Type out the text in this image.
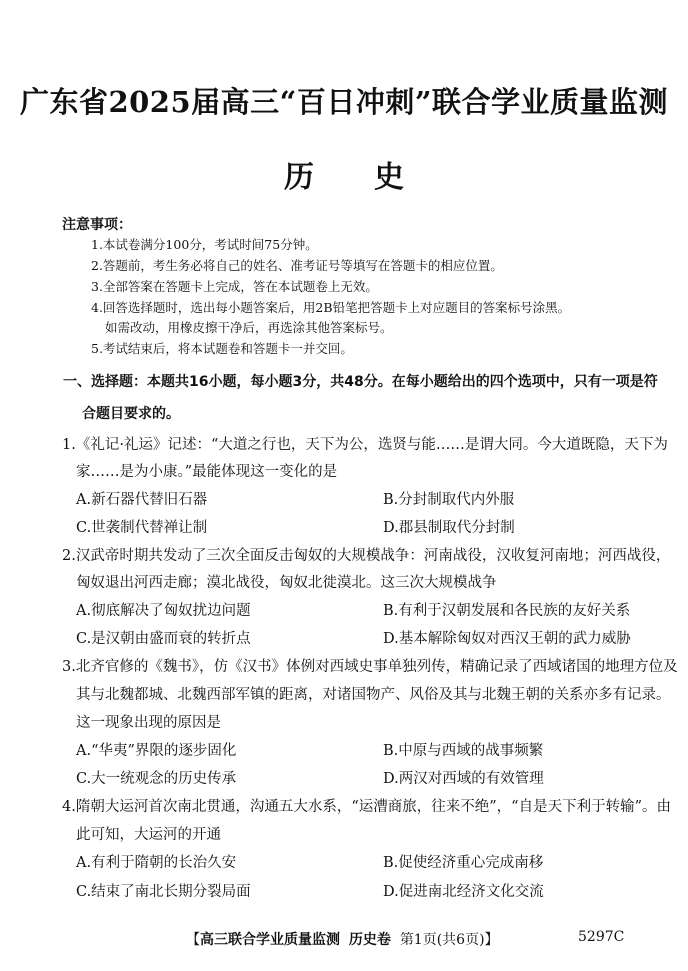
广东省2025届高三“百日冲刺”联合学业质量监测
历史
注意事项：
1.本试卷满分100分，考试时间75分钟。
2.答题前，考生务必将自己的姓名、准考证号等填写在答题卡的相应位置。
3.全部答案在答题卡上完成，答在本试题卷上无效。
4.回答选择题时，选出每小题答案后，用2B铅笔把答题卡上对应题目的答案标号涂黑。
如需改动，用橡皮擦干净后，再选涂其他答案标号。
5.考试结束后，将本试题卷和答题卡一并交回。
一、选择题：本题共16小题，每小题3分，共48分。在每小题给出的四个选项中，只有一项是符
合题目要求的。
1.《礼记·礼运》记述：“大道之行也，天下为公，选贤与能……是谓大同。今大道既隐，天下为
家……是为小康。”最能体现这一变化的是
A.新石器代替旧石器	B.分封制取代内外服
C.世袭制代替禅让制	D.郡县制取代分封制
2.汉武帝时期共发动了三次全面反击匈奴的大规模战争：河南战役，汉收复河南地；河西战役，
匈奴退出河西走廊；漠北战役，匈奴北徙漠北。这三次大规模战争
A.彻底解决了匈奴扰边问题	B.有利于汉朝发展和各民族的友好关系
C.是汉朝由盛而衰的转折点	D.基本解除匈奴对西汉王朝的武力威胁
3.北齐官修的《魏书》，仿《汉书》体例对西域史事单独列传，精确记录了西域诸国的地理方位及
其与北魏都城、北魏西部军镇的距离，对诸国物产、风俗及其与北魏王朝的关系亦多有记录。
这一现象出现的原因是
A.“华夷”界限的逐步固化	B.中原与西域的战事频繁
C.大一统观念的历史传承	D.两汉对西域的有效管理
4.隋朝大运河首次南北贯通，沟通五大水系，“运漕商旅，往来不绝”，“自是天下利于转输”。由
此可知，大运河的开通
A.有利于隋朝的长治久安	B.促使经济重心完成南移
C.结束了南北长期分裂局面	D.促进南北经济文化交流
【高三联合学业质量监测 历史卷 第1页(共6页)】	5297C
